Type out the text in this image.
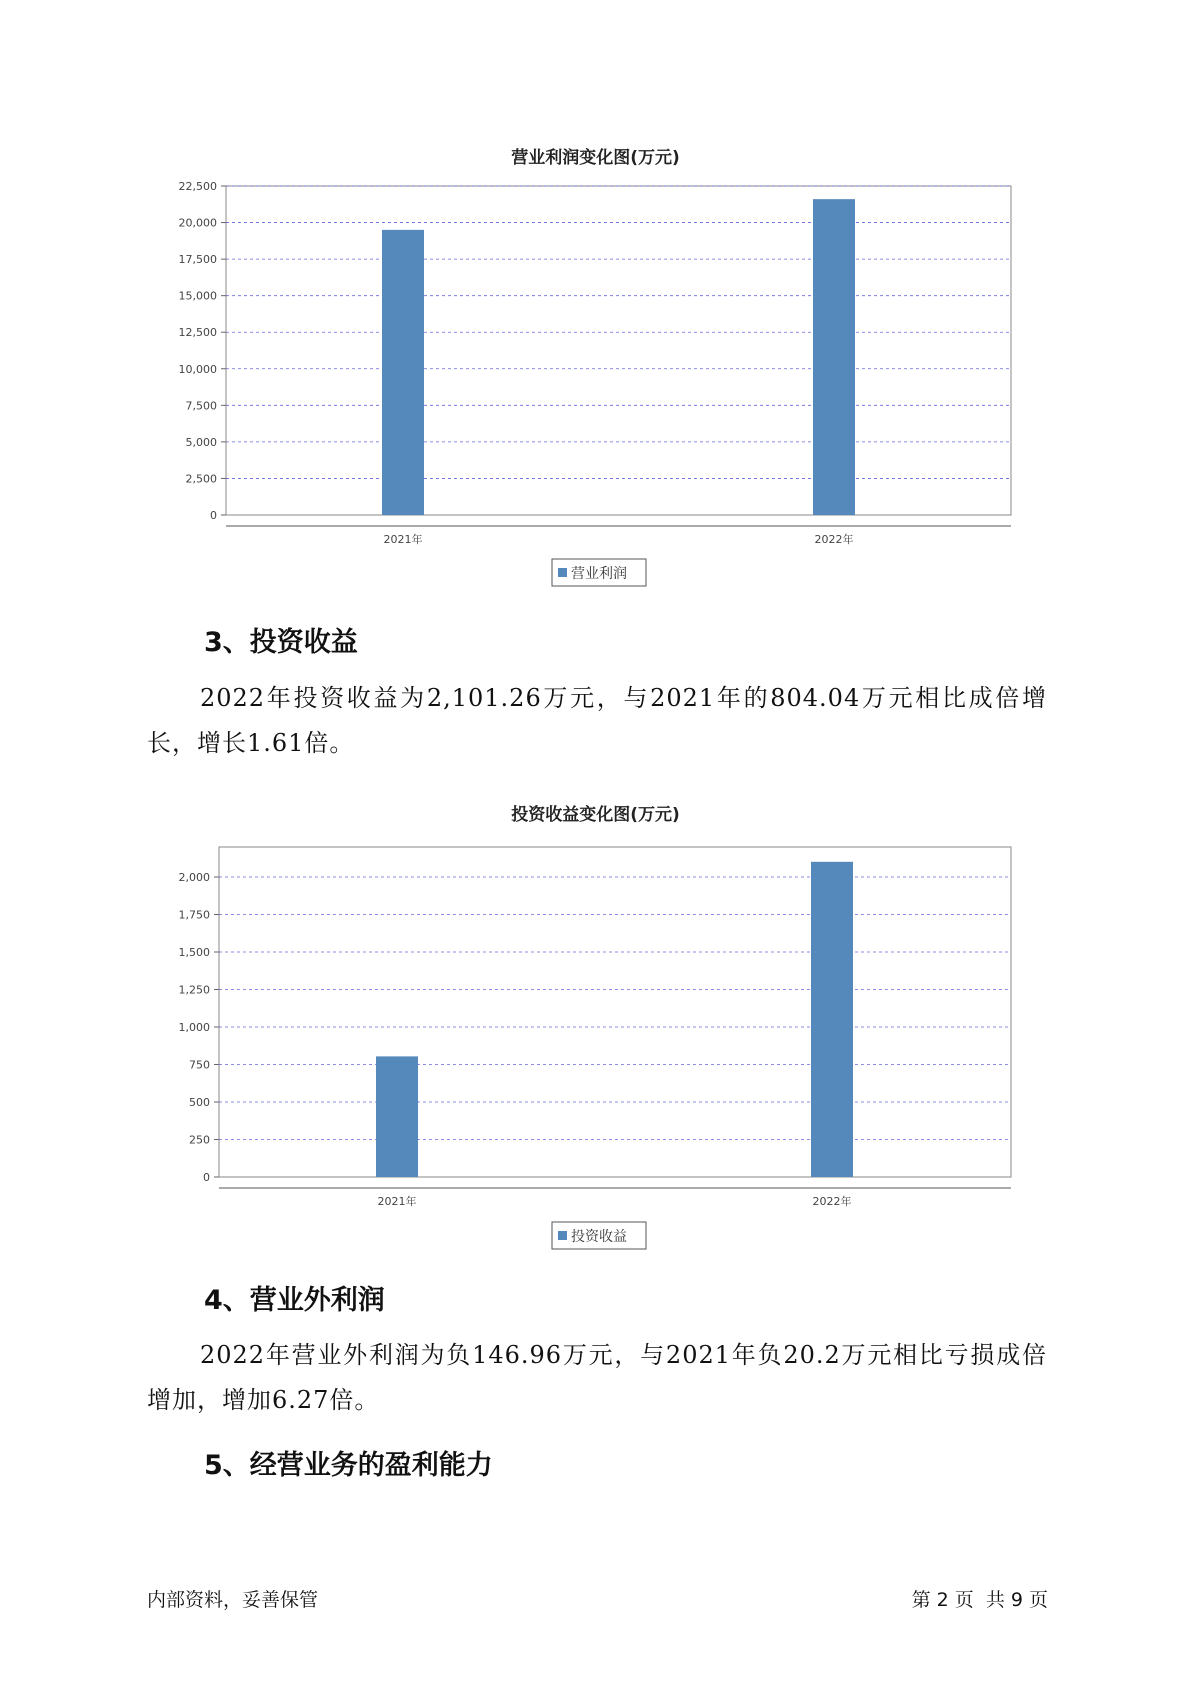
营业利润变化图(万元)
0
2,500
5,000
7,500
10,000
12,500
15,000
17,500
20,000
22,500
2021年	2022年
营业利润
3、投资收益
2022年投资收益为2,101.26万元，与2021年的804.04万元相比成倍增长，增长1.61倍。
投资收益变化图(万元)
0
250
500
750
1,000
1,250
1,500
1,750
2,000
2021年	2022年
投资收益
4、营业外利润
2022年营业外利润为负146.96万元，与2021年负20.2万元相比亏损成倍增加，增加6.27倍。
5、经营业务的盈利能力
内部资料，妥善保管	第 2 页  共 9 页
